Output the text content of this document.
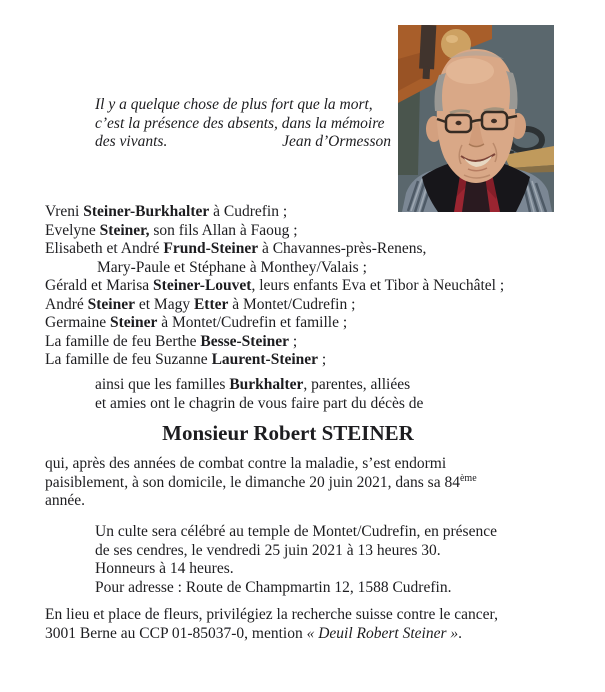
Il y a quelque chose de plus fort que la mort,
c’est la présence des absents, dans la mémoire
des vivants.	Jean d’Ormesson
Vreni Steiner-Burkhalter à Cudrefin ;
Evelyne Steiner, son fils Allan à Faoug ;
Elisabeth et André Frund-Steiner à Chavannes-près-Renens,
Mary-Paule et Stéphane à Monthey/Valais ;
Gérald et Marisa Steiner-Louvet, leurs enfants Eva et Tibor à Neuchâtel ;
André Steiner et Magy Etter à Montet/Cudrefin ;
Germaine Steiner à Montet/Cudrefin et famille ;
La famille de feu Berthe Besse-Steiner ;
La famille de feu Suzanne Laurent-Steiner ;
ainsi que les familles Burkhalter, parentes, alliées
et amies ont le chagrin de vous faire part du décès de
Monsieur Robert STEINER
qui, après des années de combat contre la maladie, s’est endormi
paisiblement, à son domicile, le dimanche 20 juin 2021, dans sa 84ème
année.
Un culte sera célébré au temple de Montet/Cudrefin, en présence
de ses cendres, le vendredi 25 juin 2021 à 13 heures 30.
Honneurs à 14 heures.
Pour adresse : Route de Champmartin 12, 1588 Cudrefin.
En lieu et place de fleurs, privilégiez la recherche suisse contre le cancer,
3001 Berne au CCP 01-85037-0, mention « Deuil Robert Steiner ».
